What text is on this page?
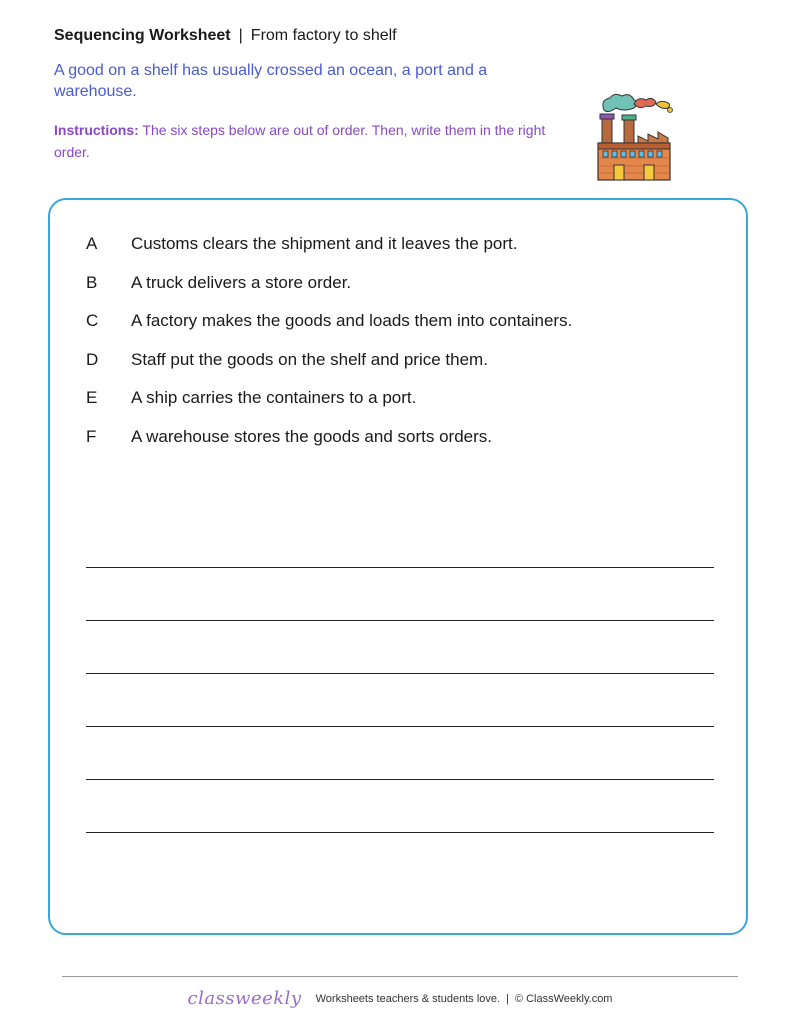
Sequencing Worksheet | From factory to shelf
A good on a shelf has usually crossed an ocean, a port and a warehouse.
Instructions: The six steps below are out of order. Then, write them in the right order.
A	Customs clears the shipment and it leaves the port.
B	A truck delivers a store order.
C	A factory makes the goods and loads them into containers.
D	Staff put the goods on the shelf and price them.
E	A ship carries the containers to a port.
F	A warehouse stores the goods and sorts orders.
classweekly Worksheets teachers & students love. | © ClassWeekly.com
